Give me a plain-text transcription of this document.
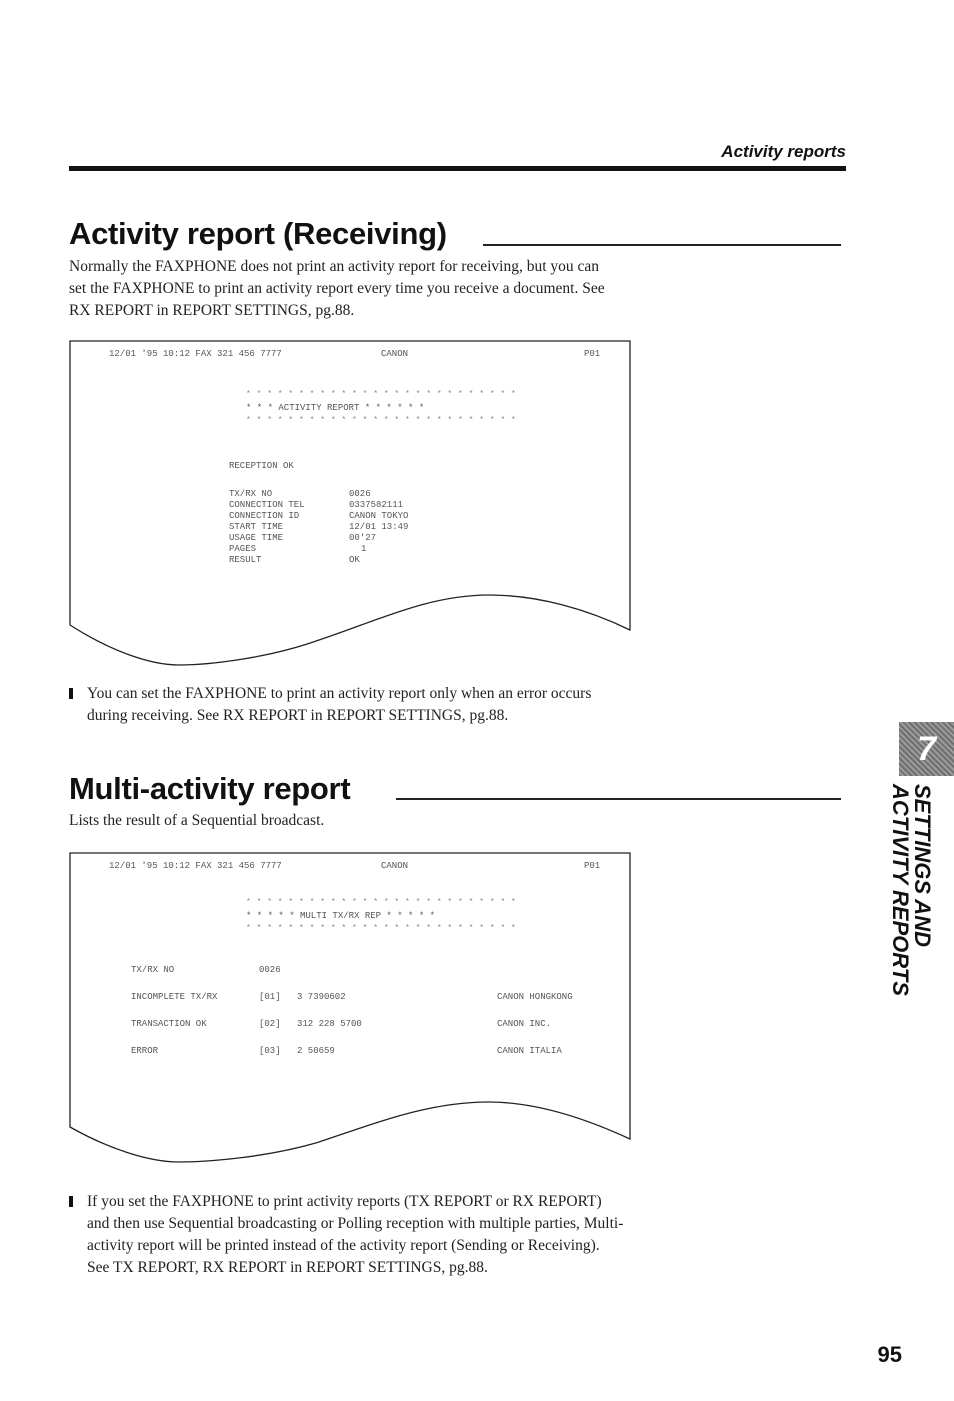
Activity reports
Activity report (Receiving)
Normally the FAXPHONE does not print an activity report for receiving, but you can
set the FAXPHONE to print an activity report every time you receive a document. See
RX REPORT in REPORT SETTINGS, pg.88.
12/01 '95 10:12 FAX 321 456 7777	CANON	P01
* * * * * * * * * * * * * * * * * * * * * * * * * *
* * * ACTIVITY REPORT * * * * * *
* * * * * * * * * * * * * * * * * * * * * * * * * *
RECEPTION OK
TX/RX NO	0026
CONNECTION TEL	0337582111
CONNECTION ID	CANON TOKYO
START TIME	12/01 13:49
USAGE TIME	00'27
PAGES	1
RESULT	OK
You can set the FAXPHONE to print an activity report only when an error occurs
during receiving. See RX REPORT in REPORT SETTINGS, pg.88.
Multi-activity report
Lists the result of a Sequential broadcast.
12/01 '95 10:12 FAX 321 456 7777	CANON	P01
* * * * * * * * * * * * * * * * * * * * * * * * * *
* * * * * MULTI TX/RX REP * * * * *
* * * * * * * * * * * * * * * * * * * * * * * * * *
TX/RX NO	0026
INCOMPLETE TX/RX	[01] 3 7390602	CANON HONGKONG
TRANSACTION OK	[02] 312 228 5700	CANON INC.
ERROR	[03] 2 50659	CANON ITALIA
If you set the FAXPHONE to print activity reports (TX REPORT or RX REPORT)
and then use Sequential broadcasting or Polling reception with multiple parties, Multi-
activity report will be printed instead of the activity report (Sending or Receiving).
See TX REPORT, RX REPORT in REPORT SETTINGS, pg.88.
7
SETTINGS AND
ACTIVITY REPORTS
95
